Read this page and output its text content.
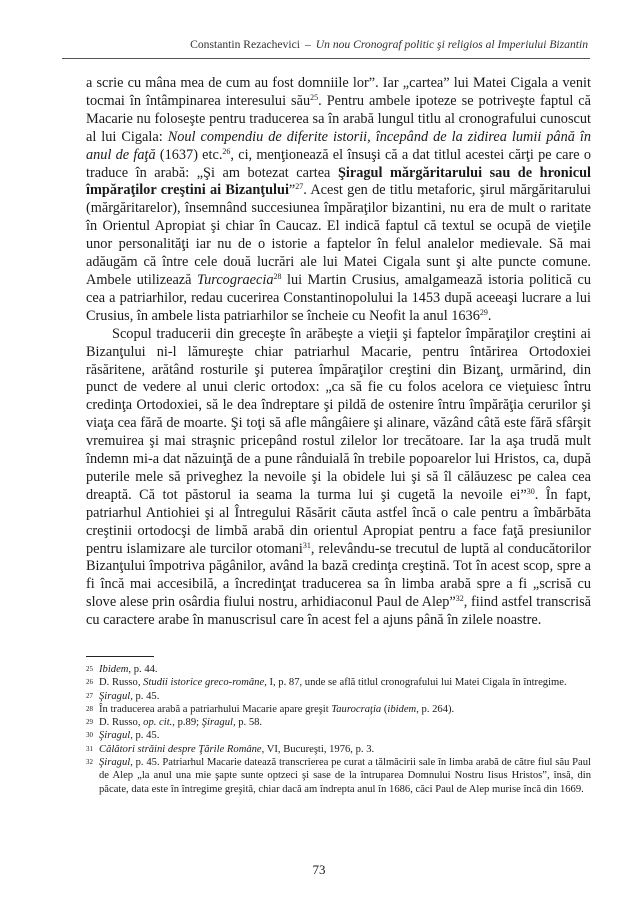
Constantin Rezachevici – Un nou Cronograf politic şi religios al Imperiului Bizantin

a scrie cu mâna mea de cum au fost domniile lor”. Iar „cartea” lui Matei Cigala a venit tocmai în întâmpinarea interesului său$^{25}$. Pentru ambele ipoteze se potriveşte faptul că Macarie nu foloseşte pentru traducerea sa în arabă lungul titlu al cronografului cunoscut al lui Cigala: Noul compendiu de diferite istorii, începând de la zidirea lumii până în anul de faţă (1637) etc.$^{26}$, ci, menţionează el însuşi că a dat titlul acestei cărţi pe care o traduce în arabă: „Şi am botezat cartea Şiragul mărgăritarului sau de hronicul împăraţilor creştini ai Bizanţului”$^{27}$. Acest gen de titlu metaforic, şirul mărgăritarului (mărgăritarelor), însemnând succesiunea împăraţilor bizantini, nu era de mult o raritate în Orientul Apropiat şi chiar în Caucaz. El indică faptul că textul se ocupă de vieţile unor personalităţi iar nu de o istorie a faptelor în felul analelor medievale. Să mai adăugăm că între cele două lucrări ale lui Matei Cigala sunt şi alte puncte comune. Ambele utilizează Turcograecia$^{28}$ lui Martin Crusius, amalgamează istoria politică cu cea a patriarhilor, redau cucerirea Constantinopolului la 1453 după aceeaşi lucrare a lui Crusius, în ambele lista patriarhilor se încheie cu Neofit la anul 1636$^{29}$.

Scopul traducerii din greceşte în arăbeşte a vieţii şi faptelor împăraţilor creştini ai Bizanţului ni-l lămureşte chiar patriarhul Macarie, pentru întărirea Ortodoxiei răsăritene, arătând rosturile şi puterea împăraţilor creştini din Bizanţ, urmărind, din punct de vedere al unui cleric ortodox: „ca să fie cu folos acelora ce vieţuiesc întru credinţa Ortodoxiei, să le dea îndreptare şi pildă de ostenire întru împărăţia cerurilor şi viaţa cea fără de moarte. Şi toţi să afle mângâiere şi alinare, văzând câtă este fără sfârşit vremuirea şi mai straşnic pricepând rostul zilelor lor trecătoare. Iar la aşa trudă mult îndemn mi-a dat năzuinţă de a pune rânduială în trebile popoarelor lui Hristos, ca, după puterile mele să priveghez la nevoile şi la obidele lui şi să îl călăuzesc pe calea cea dreaptă. Că tot păstorul ia seama la turma lui şi cugetă la nevoile ei”$^{30}$. În fapt, patriarhul Antiohiei şi al Întregului Răsărit căuta astfel încă o cale pentru a îmbărbăta creştinii ortodocşi de limbă arabă din orientul Apropiat pentru a face faţă presiunilor pentru islamizare ale turcilor otomani$^{31}$, relevându-se trecutul de luptă al conducătorilor Bizanţului împotriva păgânilor, având la bază credinţa creştină. Tot în acest scop, spre a fi încă mai accesibilă, a încredinţat traducerea sa în limba arabă spre a fi „scrisă cu slove alese prin osârdia fiului nostru, arhidiaconul Paul de Alep”$^{32}$, fiind astfel transcrisă cu caractere arabe în manuscrisul care în acest fel a ajuns până în zilele noastre.

25 Ibidem, p. 44.
26 D. Russo, Studii istorice greco-române, I, p. 87, unde se află titlul cronografului lui Matei Cigala în întregime.
27 Şiragul, p. 45.
28 În traducerea arabă a patriarhului Macarie apare greşit Taurocraţia (ibidem, p. 264).
29 D. Russo, op. cit., p.89; Şiragul, p. 58.
30 Şiragul, p. 45.
31 Călători străini despre Ţările Române, VI, Bucureşti, 1976, p. 3.
32 Şiragul, p. 45. Patriarhul Macarie datează transcrierea pe curat a tălmăcirii sale în limba arabă de către fiul său Paul de Alep „la anul una mie şapte sunte optzeci şi sase de la întruparea Domnului Nostru Iisus Hristos”, însă, din păcate, data este în întregime greşită, chiar dacă am îndrepta anul în 1686, căci Paul de Alep murise încă din 1669.
73
